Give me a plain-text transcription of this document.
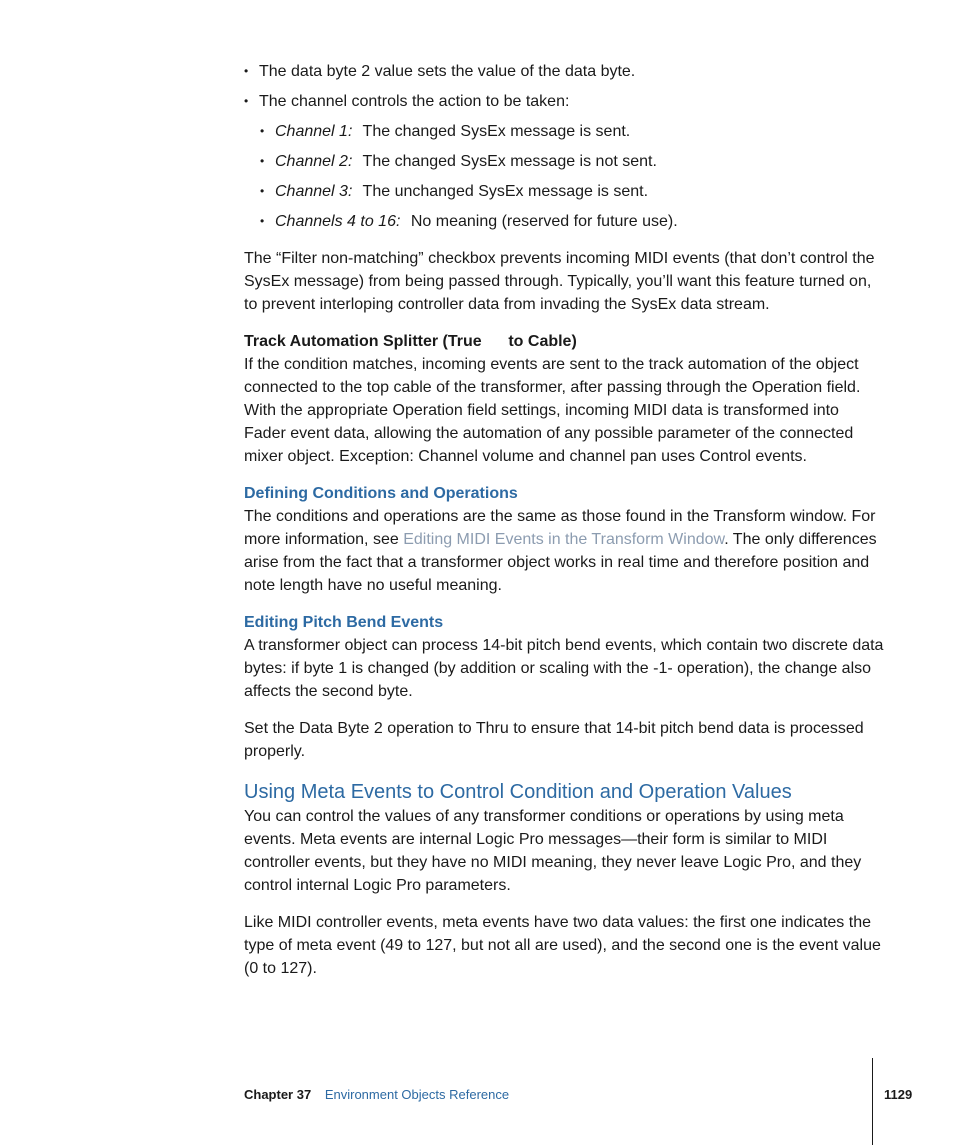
• The data byte 2 value sets the value of the data byte.
• The channel controls the action to be taken:
• Channel 1: The changed SysEx message is sent.
• Channel 2: The changed SysEx message is not sent.
• Channel 3: The unchanged SysEx message is sent.
• Channels 4 to 16: No meaning (reserved for future use).

The “Filter non-matching” checkbox prevents incoming MIDI events (that don’t control the SysEx message) from being passed through. Typically, you’ll want this feature turned on, to prevent interloping controller data from invading the SysEx data stream.

Track Automation Splitter (True      to Cable)

If the condition matches, incoming events are sent to the track automation of the object connected to the top cable of the transformer, after passing through the Operation field. With the appropriate Operation field settings, incoming MIDI data is transformed into Fader event data, allowing the automation of any possible parameter of the connected mixer object. Exception: Channel volume and channel pan uses Control events.

Defining Conditions and Operations

The conditions and operations are the same as those found in the Transform window. For more information, see Editing MIDI Events in the Transform Window. The only differences arise from the fact that a transformer object works in real time and therefore position and note length have no useful meaning.

Editing Pitch Bend Events

A transformer object can process 14-bit pitch bend events, which contain two discrete data bytes: if byte 1 is changed (by addition or scaling with the -1- operation), the change also affects the second byte.

Set the Data Byte 2 operation to Thru to ensure that 14-bit pitch bend data is processed properly.

Using Meta Events to Control Condition and Operation Values

You can control the values of any transformer conditions or operations by using meta events. Meta events are internal Logic Pro messages—their form is similar to MIDI controller events, but they have no MIDI meaning, they never leave Logic Pro, and they control internal Logic Pro parameters.

Like MIDI controller events, meta events have two data values: the first one indicates the type of meta event (49 to 127, but not all are used), and the second one is the event value (0 to 127).

Chapter 37 Environment Objects Reference	1129
